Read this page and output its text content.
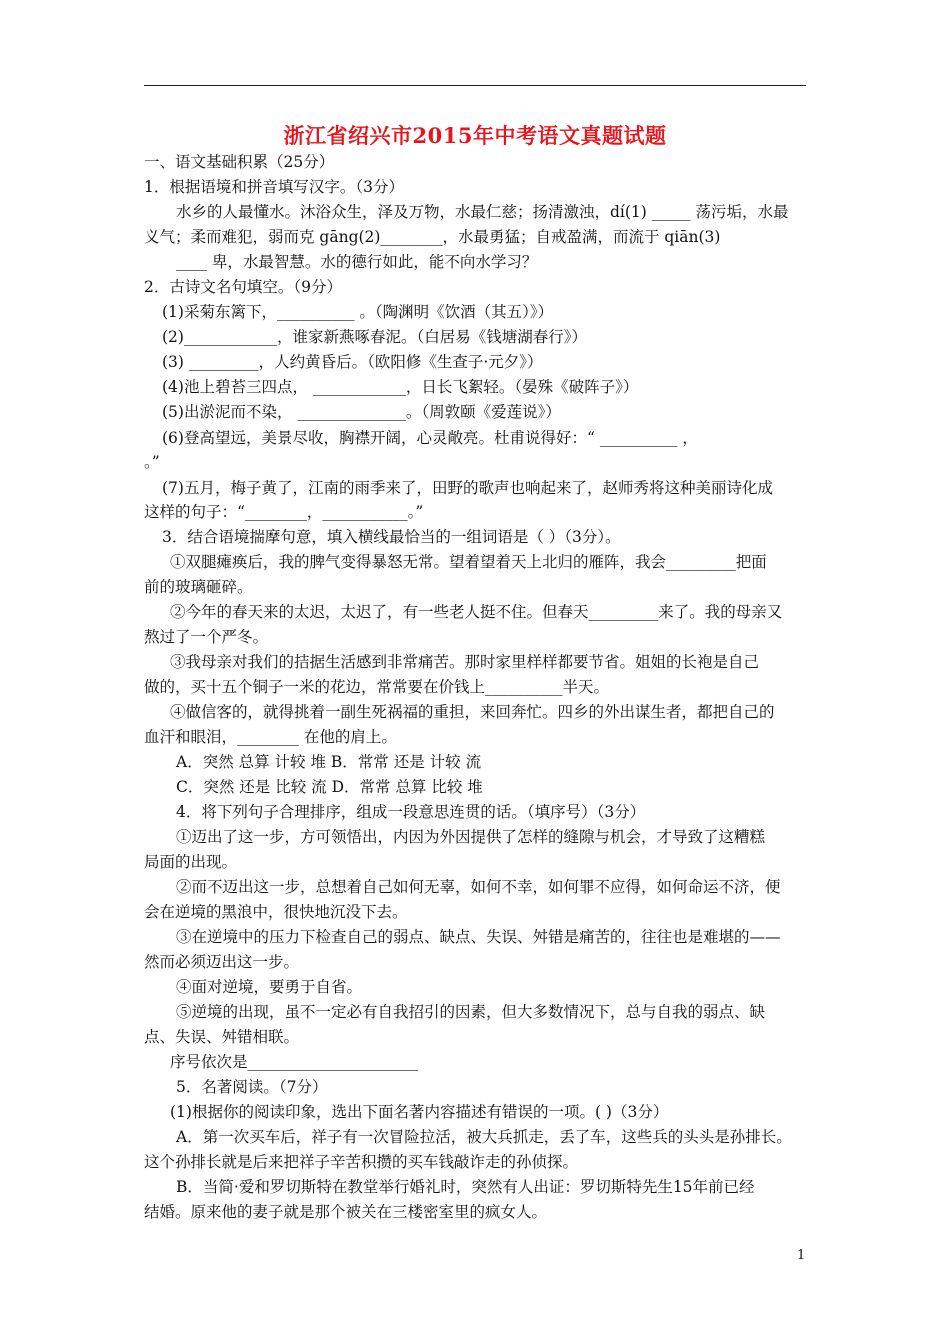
浙江省绍兴市2015年中考语文真题试题
一、语文基础积累（25分）
1．根据语境和拼音填写汉字。（3分）
水乡的人最懂水。沐浴众生，泽及万物，水最仁慈；扬清激浊，dí(1) _____ 荡污垢，水最
义气；柔而难犯，弱而克 gāng(2)________，水最勇猛；自戒盈满，而流于 qiān(3)
____ 卑，水最智慧。水的德行如此，能不向水学习？
2．古诗文名句填空。（9分）
(1)采菊东篱下，__________ 。（陶渊明《饮酒（其五）》）
(2)____________，谁家新燕啄春泥。（白居易《钱塘湖春行》）
(3) _________，人约黄昏后。（欧阳修《生查子·元夕》）
(4)池上碧苔三四点， ____________，日长飞絮轻。（晏殊《破阵子》）
(5)出淤泥而不染， ______________。（周敦颐《爱莲说》）
(6)登高望远，美景尽收，胸襟开阔，心灵敞亮。杜甫说得好：“ __________ ，
。”
(7)五月，梅子黄了，江南的雨季来了，田野的歌声也响起来了，赵师秀将这种美丽诗化成
这样的句子：“________，___________。”
3．结合语境揣摩句意，填入横线最恰当的一组词语是（ ）（3分）。
①双腿瘫痪后，我的脾气变得暴怒无常。望着望着天上北归的雁阵，我会_________把面
前的玻璃砸碎。
②今年的春天来的太迟，太迟了，有一些老人挺不住。但春天_________来了。我的母亲又
熬过了一个严冬。
③我母亲对我们的拮据生活感到非常痛苦。那时家里样样都要节省。姐姐的长袍是自己
做的，买十五个铜子一米的花边，常常要在价钱上__________半天。
④做信客的，就得挑着一副生死祸福的重担，来回奔忙。四乡的外出谋生者，都把自己的
血汗和眼泪，________ 在他的肩上。
A．突然 总算 计较 堆 B．常常 还是 计较 流
C．突然 还是 比较 流 D．常常 总算 比较 堆
4．将下列句子合理排序，组成一段意思连贯的话。（填序号）（3分）
①迈出了这一步，方可领悟出，内因为外因提供了怎样的缝隙与机会，才导致了这糟糕
局面的出现。
②而不迈出这一步，总想着自己如何无辜，如何不幸，如何罪不应得，如何命运不济，便
会在逆境的黑浪中，很快地沉没下去。
③在逆境中的压力下检查自己的弱点、缺点、失误、舛错是痛苦的，往往也是难堪的——
然而必须迈出这一步。
④面对逆境，要勇于自省。
⑤逆境的出现，虽不一定必有自我招引的因素，但大多数情况下，总与自我的弱点、缺
点、失误、舛错相联。
序号依次是______________________
5．名著阅读。（7分）
(1)根据你的阅读印象，选出下面名著内容描述有错误的一项。( )（3分）
A．第一次买车后，祥子有一次冒险拉活，被大兵抓走，丢了车，这些兵的头头是孙排长。
这个孙排长就是后来把祥子辛苦积攒的买车钱敲诈走的孙侦探。
B．当简·爱和罗切斯特在教堂举行婚礼时，突然有人出证：罗切斯特先生15年前已经
结婚。原来他的妻子就是那个被关在三楼密室里的疯女人。
1
